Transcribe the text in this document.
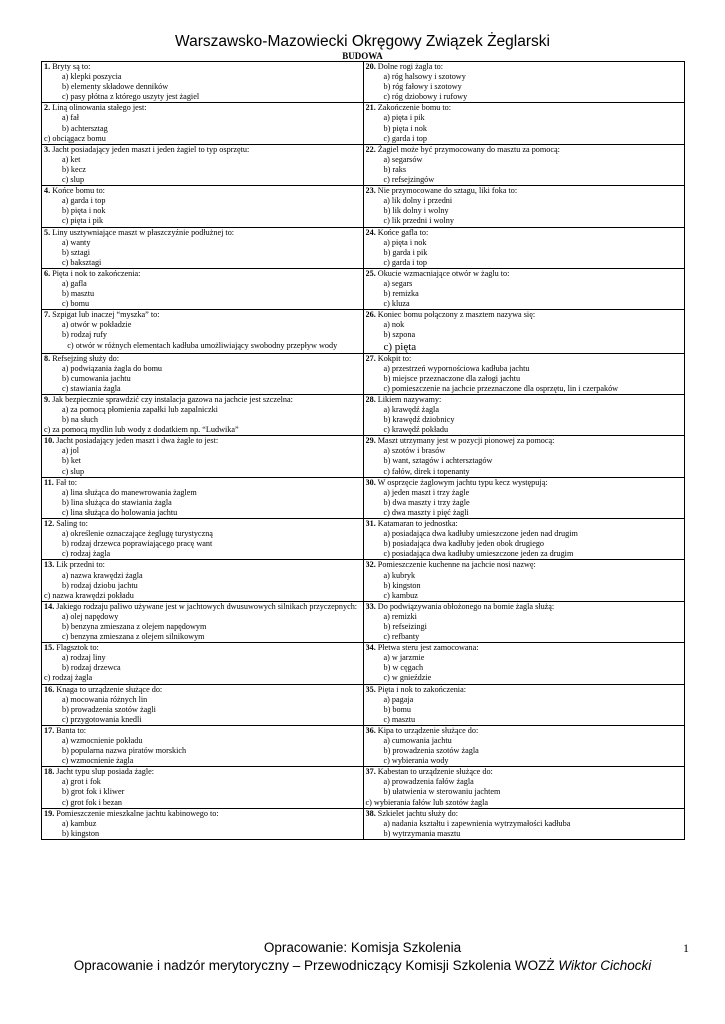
Warszawsko-Mazowiecki Okręgowy Związek Żeglarski
BUDOWA
1. Bryty są to:
a) klepki poszycia
b) elementy składowe denników
c) pasy płótna z którego uszyty jest żagiel	20. Dolne rogi żagla to:
a) róg halsowy i szotowy
b) róg fałowy i szotowy
c) róg dziobowy i rufowy

2. Liną olinowania stałego jest:
a) fał
b) achtersztag
c) obciągacz bomu	21. Zakończenie bomu to:
a) pięta i pik
b) pięta i nok
c) garda i top

3. Jacht posiadający jeden maszt i jeden żagiel to typ osprzętu:
a) ket
b) kecz
c) slup	22. Żagiel może być przymocowany do masztu za pomocą:
a) segarsów
b) raks
c) refsejzingów

4. Końce bomu to:
a) garda i top
b) pięta i nok
c) pięta i pik	23. Nie przymocowane do sztagu, liki foka to:
a) lik dolny i przedni
b) lik dolny i wolny
c) lik przedni i wolny

5. Liny usztywniające maszt w płaszczyźnie podłużnej to:
a) wanty
b) sztagi
c) baksztagi	24. Końce gafla to:
a) pięta i nok
b) garda i pik
c) garda i top

6. Pięta i nok to zakończenia:
a) gafla
b) masztu
c) bomu	25. Okucie wzmacniające otwór w żaglu to:
a) segars
b) remizka
c) kluza

7. Szpigat lub inaczej “myszka” to:
a) otwór w pokładzie
b) rodzaj rufy
c) otwór w różnych elementach kadłuba umożliwiający swobodny przepływ wody	26. Koniec bomu połączony z masztem nazywa się:
a) nok
b) szpona
c) pięta

8. Refsejzing służy do:
a) podwiązania żagla do bomu
b) cumowania jachtu
c) stawiania żagla	27. Kokpit to:
a) przestrzeń wypornościowa kadłuba jachtu
b) miejsce przeznaczone dla załogi jachtu
c) pomieszczenie na jachcie przeznaczone dla osprzętu, lin i czerpaków

9. Jak bezpiecznie sprawdzić czy instalacja gazowa na jachcie jest szczelna:
a) za pomocą płomienia zapałki lub zapalniczki
b) na słuch
c) za pomocą mydlin lub wody z dodatkiem np. “Ludwika”	28. Likiem nazywamy:
a) krawędź żagla
b) krawędź dziobnicy
c) krawędź pokładu

10. Jacht posiadający jeden maszt i dwa żagle to jest:
a) jol
b) ket
c) slup	29. Maszt utrzymany jest w pozycji pionowej za pomocą:
a) szotów i brasów
b) want, sztagów i achtersztagów
c) fałów, direk i topenanty

11. Fał to:
a) lina służąca do manewrowania żaglem
b) lina służąca do stawiania żagla
c) lina służąca do holowania jachtu	30. W osprzęcie żaglowym jachtu typu kecz występują:
a) jeden maszt i trzy żagle
b) dwa maszty i trzy żagle
c) dwa maszty i pięć żagli

12. Saling to:
a) określenie oznaczające żeglugę turystyczną
b) rodzaj drzewca poprawiającego pracę want
c) rodzaj żagla	31. Katamaran to jednostka:
a) posiadająca dwa kadłuby umieszczone jeden nad drugim
b) posiadająca dwa kadłuby jeden obok drugiego
c) posiadająca dwa kadłuby umieszczone jeden za drugim

13. Lik przedni to:
a) nazwa krawędzi żagla
b) rodzaj dziobu jachtu
c) nazwa krawędzi pokładu	32. Pomieszczenie kuchenne na jachcie nosi nazwę:
a) kubryk
b) kingston
c) kambuz

14. Jakiego rodzaju paliwo używane jest w jachtowych dwusuwowych silnikach przyczepnych:
a) olej napędowy
b) benzyna zmieszana z olejem napędowym
c) benzyna zmieszana z olejem silnikowym	33. Do podwiązywania obłożonego na bomie żagla służą:
a) remizki
b) refseizingi
c) refbanty

15. Flagsztok to:
a) rodzaj liny
b) rodzaj drzewca
c) rodzaj żagla	34. Płetwa steru jest zamocowana:
a) w jarzmie
b) w cęgach
c) w gnieździe

16. Knaga to urządzenie służące do:
a) mocowania różnych lin
b) prowadzenia szotów żagli
c) przygotowania knedli	35. Pięta i nok to zakończenia:
a) pagaja
b) bomu
c) masztu

17. Banta to:
a) wzmocnienie pokładu
b) popularna nazwa piratów morskich
c) wzmocnienie żagla	36. Kipa to urządzenie służące do:
a) cumowania jachtu
b) prowadzenia szotów żagla
c) wybierania wody

18. Jacht typu slup posiada żagle:
a) grot i fok
b) grot fok i kliwer
c) grot fok i bezan	37. Kabestan to urządzenie służące do:
a) prowadzenia fałów żagla
b) ułatwienia w sterowaniu jachtem
c) wybierania fałów lub szotów żagla

19. Pomieszczenie mieszkalne jachtu kabinowego to:
a) kambuz
b) kingston	38. Szkielet jachtu służy do:
a) nadania kształtu i zapewnienia wytrzymałości kadłuba
b) wytrzymania masztu
Opracowanie: Komisja Szkolenia
Opracowanie i nadzór merytoryczny – Przewodniczący Komisji Szkolenia WOZŻ Wiktor Cichocki
1
